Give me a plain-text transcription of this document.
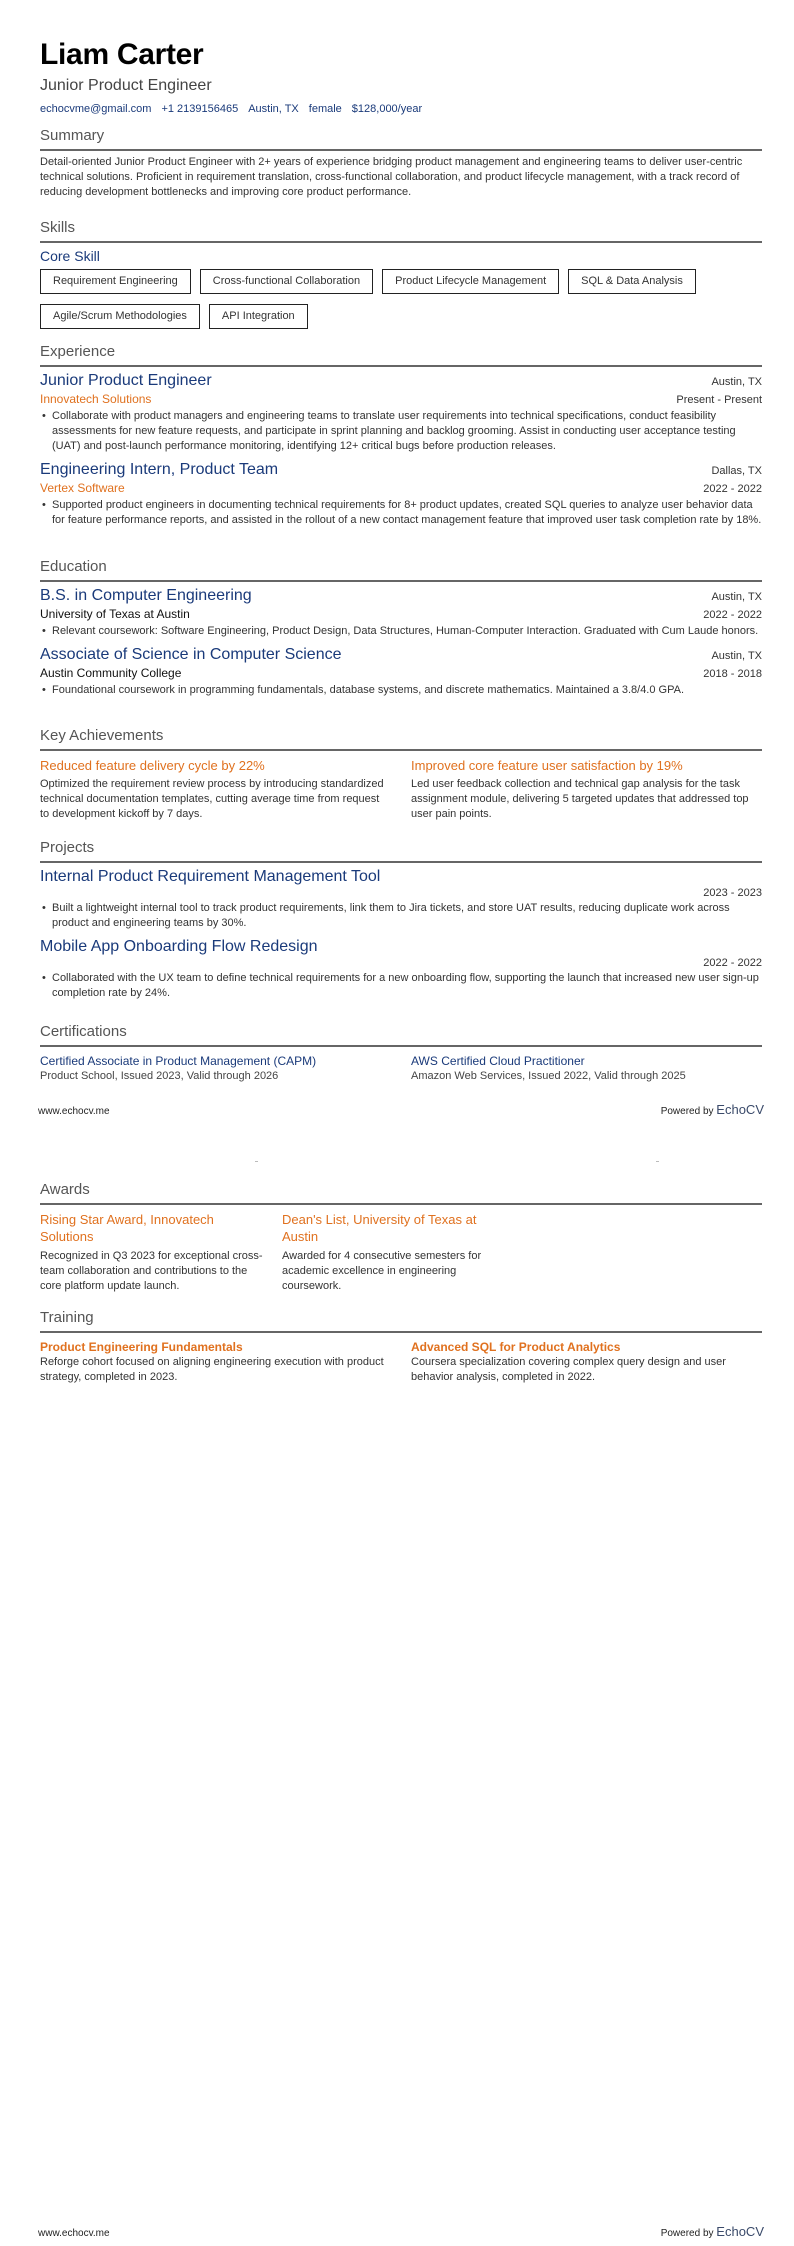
Liam Carter
Junior Product Engineer
echocvme@gmail.com +1 2139156465 Austin, TX female $128,000/year
Summary
Detail-oriented Junior Product Engineer with 2+ years of experience bridging product management and engineering teams to deliver user-centric technical solutions. Proficient in requirement translation, cross-functional collaboration, and product lifecycle management, with a track record of reducing development bottlenecks and improving core product performance.
Skills
Core Skill
Requirement Engineering	Cross-functional Collaboration	Product Lifecycle Management	SQL & Data Analysis
Agile/Scrum Methodologies	API Integration
Experience
Junior Product Engineer	Austin, TX
Innovatech Solutions	Present - Present
• Collaborate with product managers and engineering teams to translate user requirements into technical specifications, conduct feasibility assessments for new feature requests, and participate in sprint planning and backlog grooming. Assist in conducting user acceptance testing (UAT) and post-launch performance monitoring, identifying 12+ critical bugs before production releases.
Engineering Intern, Product Team	Dallas, TX
Vertex Software	2022 - 2022
• Supported product engineers in documenting technical requirements for 8+ product updates, created SQL queries to analyze user behavior data for feature performance reports, and assisted in the rollout of a new contact management feature that improved user task completion rate by 18%.
Education
B.S. in Computer Engineering	Austin, TX
University of Texas at Austin	2022 - 2022
• Relevant coursework: Software Engineering, Product Design, Data Structures, Human-Computer Interaction. Graduated with Cum Laude honors.
Associate of Science in Computer Science	Austin, TX
Austin Community College	2018 - 2018
• Foundational coursework in programming fundamentals, database systems, and discrete mathematics. Maintained a 3.8/4.0 GPA.
Key Achievements
Reduced feature delivery cycle by 22%
Optimized the requirement review process by introducing standardized technical documentation templates, cutting average time from request to development kickoff by 7 days.
Improved core feature user satisfaction by 19%
Led user feedback collection and technical gap analysis for the task assignment module, delivering 5 targeted updates that addressed top user pain points.
Projects
Internal Product Requirement Management Tool
2023 - 2023
• Built a lightweight internal tool to track product requirements, link them to Jira tickets, and store UAT results, reducing duplicate work across product and engineering teams by 30%.
Mobile App Onboarding Flow Redesign
2022 - 2022
• Collaborated with the UX team to define technical requirements for a new onboarding flow, supporting the launch that increased new user sign-up completion rate by 24%.
Certifications
Certified Associate in Product Management (CAPM)
Product School, Issued 2023, Valid through 2026
AWS Certified Cloud Practitioner
Amazon Web Services, Issued 2022, Valid through 2025
www.echocv.me	Powered by EchoCV
Awards
Rising Star Award, Innovatech Solutions
Recognized in Q3 2023 for exceptional cross-team collaboration and contributions to the core platform update launch.
Dean's List, University of Texas at Austin
Awarded for 4 consecutive semesters for academic excellence in engineering coursework.
Training
Product Engineering Fundamentals
Reforge cohort focused on aligning engineering execution with product strategy, completed in 2023.
Advanced SQL for Product Analytics
Coursera specialization covering complex query design and user behavior analysis, completed in 2022.
www.echocv.me	Powered by EchoCV
